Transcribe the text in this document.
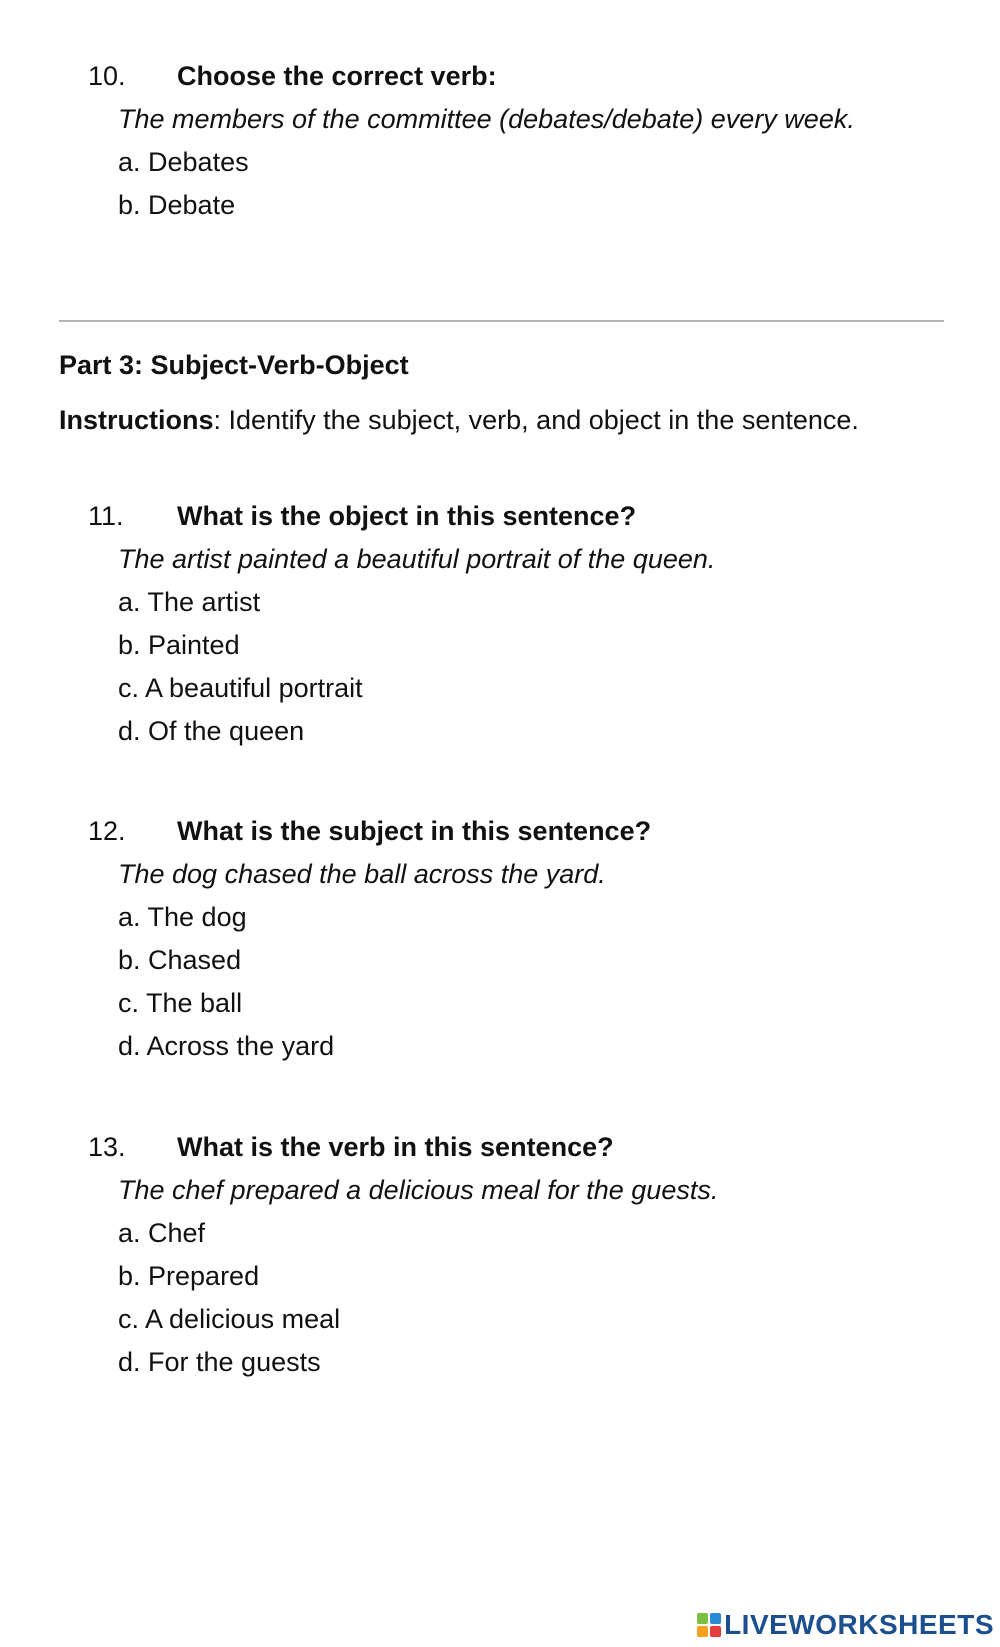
10.	Choose the correct verb:
The members of the committee (debates/debate) every week.
a. Debates
b. Debate
Part 3: Subject-Verb-Object
Instructions: Identify the subject, verb, and object in the sentence.
11.	What is the object in this sentence?
The artist painted a beautiful portrait of the queen.
a. The artist
b. Painted
c. A beautiful portrait
d. Of the queen
12.	What is the subject in this sentence?
The dog chased the ball across the yard.
a. The dog
b. Chased
c. The ball
d. Across the yard
13.	What is the verb in this sentence?
The chef prepared a delicious meal for the guests.
a. Chef
b. Prepared
c. A delicious meal
d. For the guests
LIVEWORKSHEETS
